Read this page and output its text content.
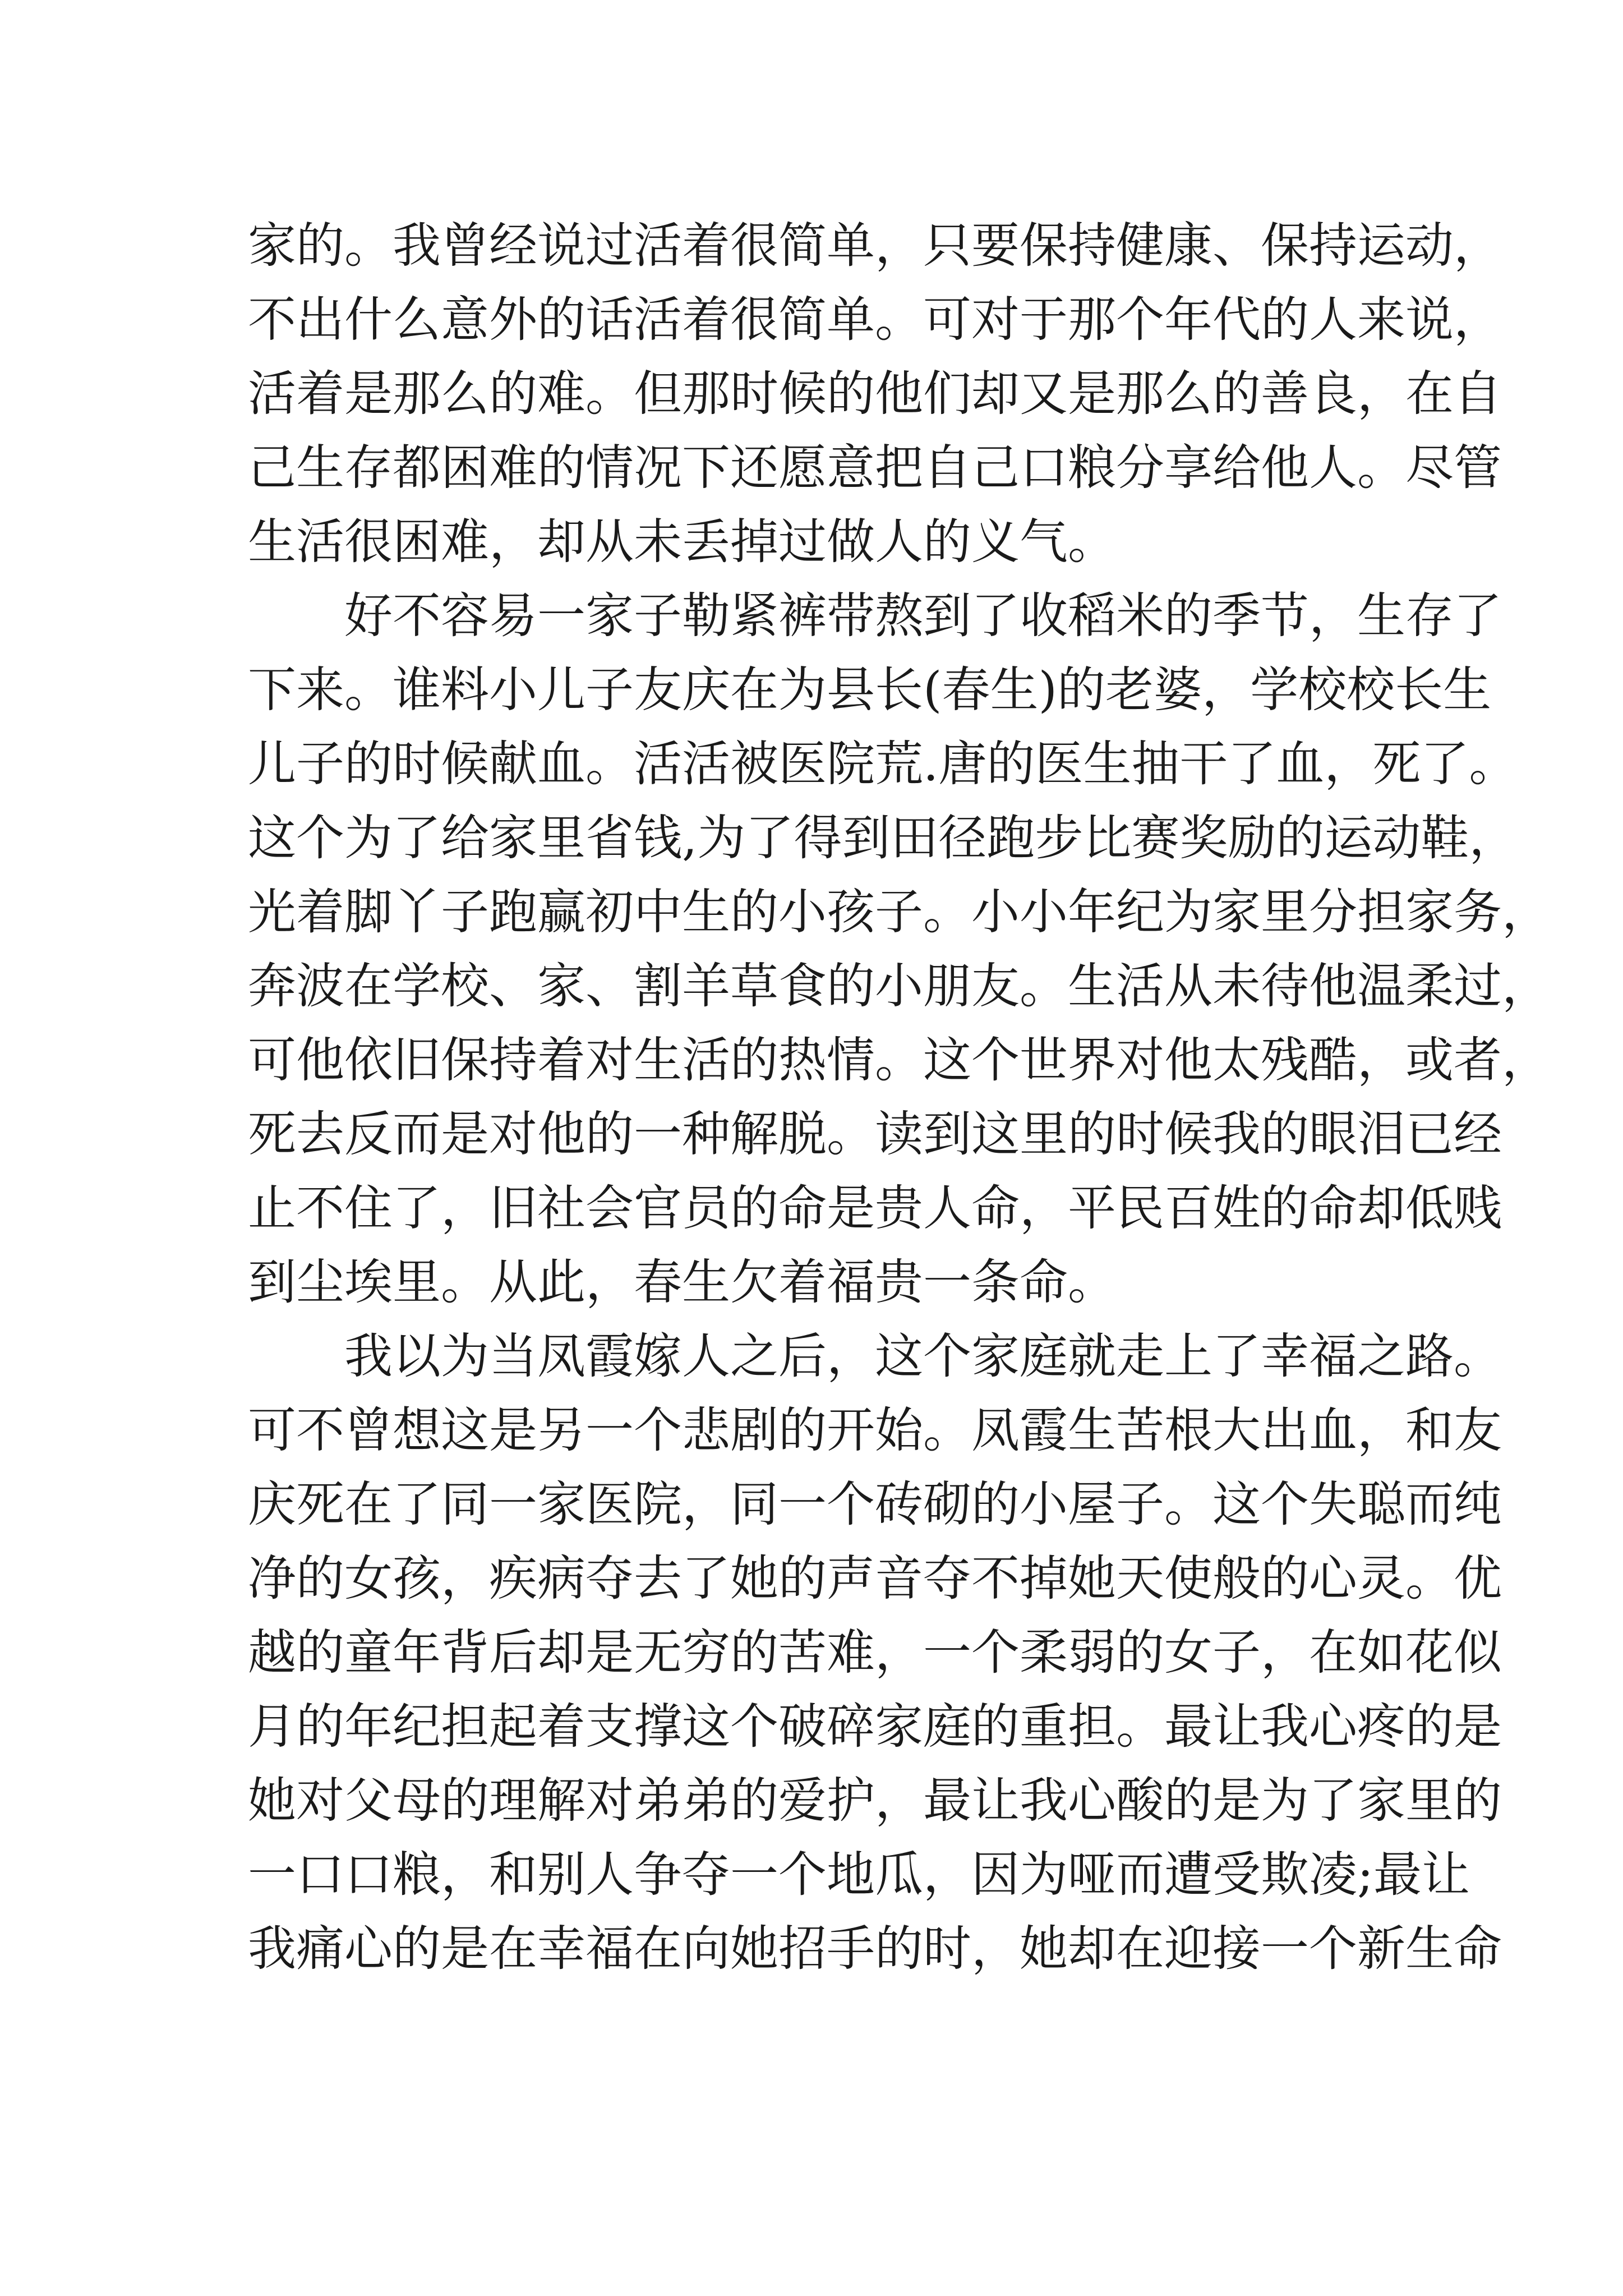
家的。我曾经说过活着很简单，只要保持健康、保持运动，
不出什么意外的话活着很简单。可对于那个年代的人来说，
活着是那么的难。但那时候的他们却又是那么的善良，在自
己生存都困难的情况下还愿意把自己口粮分享给他人。尽管
生活很困难，却从未丢掉过做人的义气。
好不容易一家子勒紧裤带熬到了收稻米的季节，生存了
下来。谁料小儿子友庆在为县长(春生)的老婆，学校校长生
儿子的时候献血。活活被医院荒.唐的医生抽干了血，死了。
这个为了给家里省钱,为了得到田径跑步比赛奖励的运动鞋，
光着脚丫子跑赢初中生的小孩子。小小年纪为家里分担家务，
奔波在学校、家、割羊草食的小朋友。生活从未待他温柔过，
可他依旧保持着对生活的热情。这个世界对他太残酷，或者，
死去反而是对他的一种解脱。读到这里的时候我的眼泪已经
止不住了，旧社会官员的命是贵人命，平民百姓的命却低贱
到尘埃里。从此，春生欠着福贵一条命。
我以为当凤霞嫁人之后，这个家庭就走上了幸福之路。
可不曾想这是另一个悲剧的开始。凤霞生苦根大出血，和友
庆死在了同一家医院，同一个砖砌的小屋子。这个失聪而纯
净的女孩，疾病夺去了她的声音夺不掉她天使般的心灵。优
越的童年背后却是无穷的苦难，一个柔弱的女子，在如花似
月的年纪担起着支撑这个破碎家庭的重担。最让我心疼的是
她对父母的理解对弟弟的爱护，最让我心酸的是为了家里的
一口口粮，和别人争夺一个地瓜，因为哑而遭受欺凌;最让
我痛心的是在幸福在向她招手的时，她却在迎接一个新生命
